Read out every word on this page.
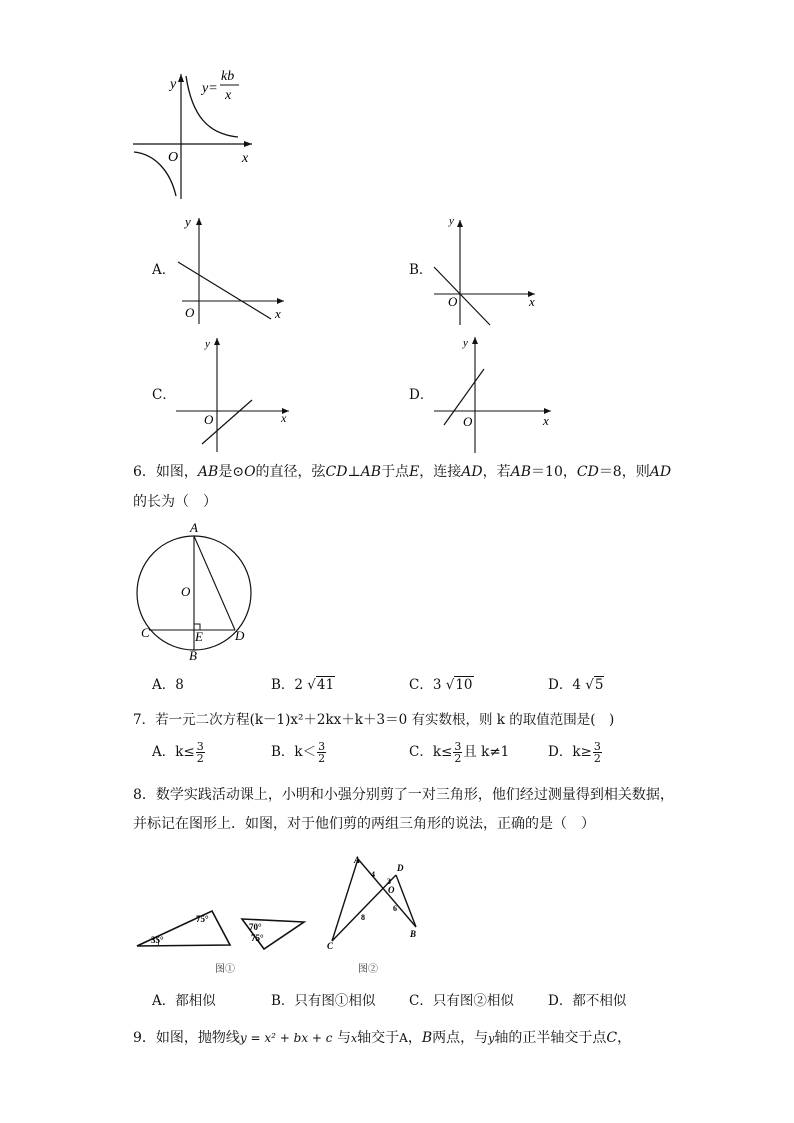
y
x
O
y=
kb
x
A．
y
O	x
B．
y
O	x
C．
y
O	x
D．
y
O	x
6．如图，AB是⊙O的直径，弦CD⊥AB于点E，连接AD，若AB＝10，CD＝8，则AD
的长为（　）
A
O
C	E D
B
A．8	B．2 √41	C．3 √10	D．4 √5
7．若一元二次方程(k－1)x²＋2kx＋k＋3＝0 有实数根，则 k 的取值范围是(　)
A．$k\le \frac{3}{2}$	B．$k< \frac{3}{2}$	C．$k\le \frac{3}{2}$ 且 k≠1	D．$k\ge \frac{3}{2}$
8．数学实践活动课上，小明和小强分别剪了一对三角形，他们经过测量得到相关数据，
并标记在图形上．如图，对于他们剪的两组三角形的说法，正确的是（　）
75°
35°
70°
75°
图①
A
D
O
C
B
4
3
8
6
图②
A．都相似	B．只有图①相似 C．只有图②相似	D．都不相似
9．如图，抛物线y = x² + bx + c 与x轴交于A，B两点，与y轴的正半轴交于点C，
